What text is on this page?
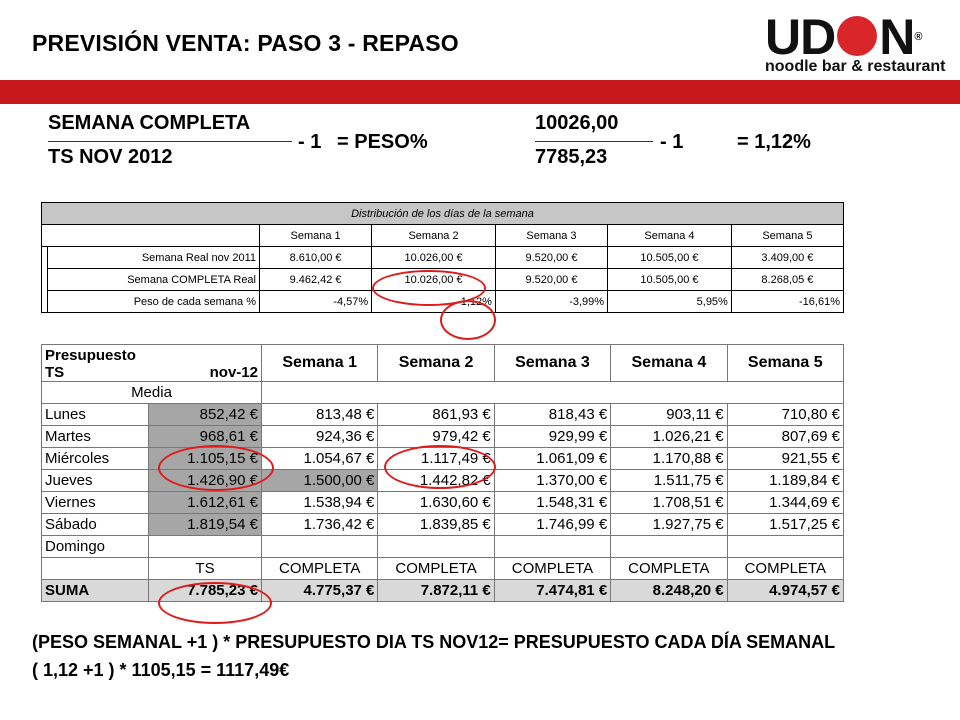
PREVISIÓN VENTA: PASO 3 - REPASO	UD N®
noodle bar & restaurant
SEMANA COMPLETA
TS NOV 2012
- 1 = PESO%
10026,00
7785,23
- 1	= 1,12%
Distribución de los días de la semana						
		Semana 1	Semana 2	Semana 3	Semana 4	Semana 5
	Semana Real nov 2011	8.610,00 €	10.026,00 €	9.520,00 €	10.505,00 €	3.409,00 €
	Semana COMPLETA Real	9.462,42 €	10.026,00 €	9.520,00 €	10.505,00 €	8.268,05 €
	Peso de cada semana %	-4,57%	1,12%	-3,99%	5,95%	-16,61%
Presupuesto
TS nov-12		Semana 1	Semana 2	Semana 3	Semana 4	Semana 5

Media						
Lunes	852,42 €	813,48 €	861,93 €	818,43 €	903,11 €	710,80 €
Martes	968,61 €	924,36 €	979,42 €	929,99 €	1.026,21 €	807,69 €
Miércoles	1.105,15 €	1.054,67 €	1.117,49 €	1.061,09 €	1.170,88 €	921,55 €
Jueves	1.426,90 €	1.500,00 €	1.442,82 €	1.370,00 €	1.511,75 €	1.189,84 €
Viernes	1.612,61 €	1.538,94 €	1.630,60 €	1.548,31 €	1.708,51 €	1.344,69 €
Sábado	1.819,54 €	1.736,42 €	1.839,85 €	1.746,99 €	1.927,75 €	1.517,25 €
Domingo						
	TS	COMPLETA	COMPLETA	COMPLETA	COMPLETA	COMPLETA
SUMA	7.785,23 €	4.775,37 €	7.872,11 €	7.474,81 €	8.248,20 €	4.974,57 €
(PESO SEMANAL +1 ) * PRESUPUESTO DIA TS NOV12= PRESUPUESTO CADA DÍA SEMANAL
( 1,12 +1 ) * 1105,15 = 1117,49€
